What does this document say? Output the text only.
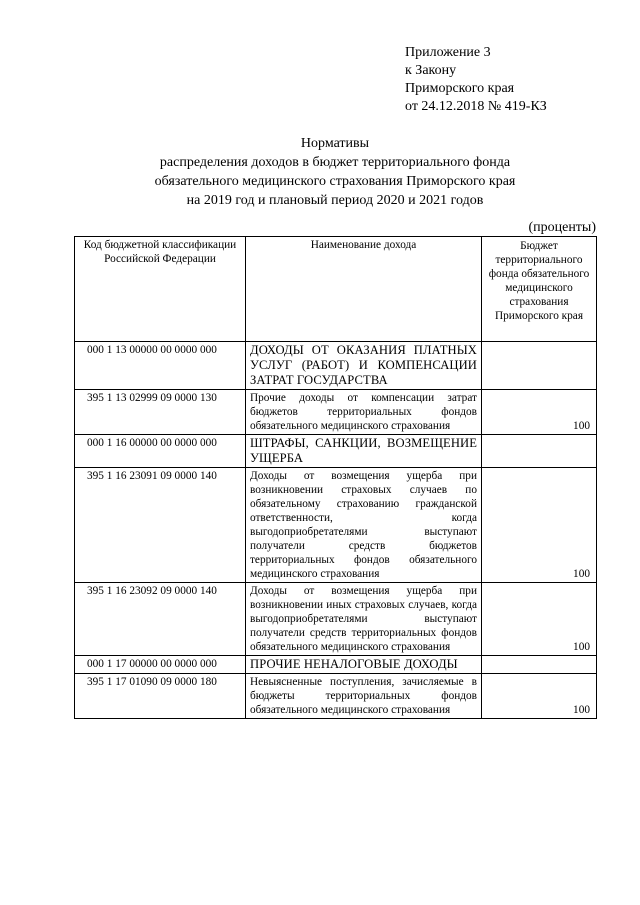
Приложение 3
к Закону
Приморского края
от 24.12.2018 № 419-КЗ
Нормативы
распределения доходов в бюджет территориального фонда
обязательного медицинского страхования Приморского края
на 2019 год и плановый период 2020 и 2021 годов
(проценты)
Код бюджетной классификации Российской Федерации	Наименование дохода	Бюджет территориального фонда обязательного медицинского страхования Приморского края
000 1 13 00000 00 0000 000	ДОХОДЫ ОТ ОКАЗАНИЯ ПЛАТНЫХ УСЛУГ (РАБОТ) И КОМПЕНСАЦИИ ЗАТРАТ ГОСУДАРСТВА	
395 1 13 02999 09 0000 130	Прочие доходы от компенсации затрат бюджетов территориальных фондов обязательного медицинского страхования	100
000 1 16 00000 00 0000 000	ШТРАФЫ, САНКЦИИ, ВОЗМЕЩЕНИЕ УЩЕРБА	
395 1 16 23091 09 0000 140	Доходы от возмещения ущерба при возникновении страховых случаев по обязательному страхованию гражданской ответственности, когда выгодоприобретателями выступают получатели средств бюджетов территориальных фондов обязательного медицинского страхования	100
395 1 16 23092 09 0000 140	Доходы от возмещения ущерба при возникновении иных страховых случаев, когда выгодоприобретателями выступают получатели средств территориальных фондов обязательного медицинского страхования	100
000 1 17 00000 00 0000 000	ПРОЧИЕ НЕНАЛОГОВЫЕ ДОХОДЫ	
395 1 17 01090 09 0000 180	Невыясненные поступления, зачисляемые в бюджеты территориальных фондов обязательного медицинского страхования	100
